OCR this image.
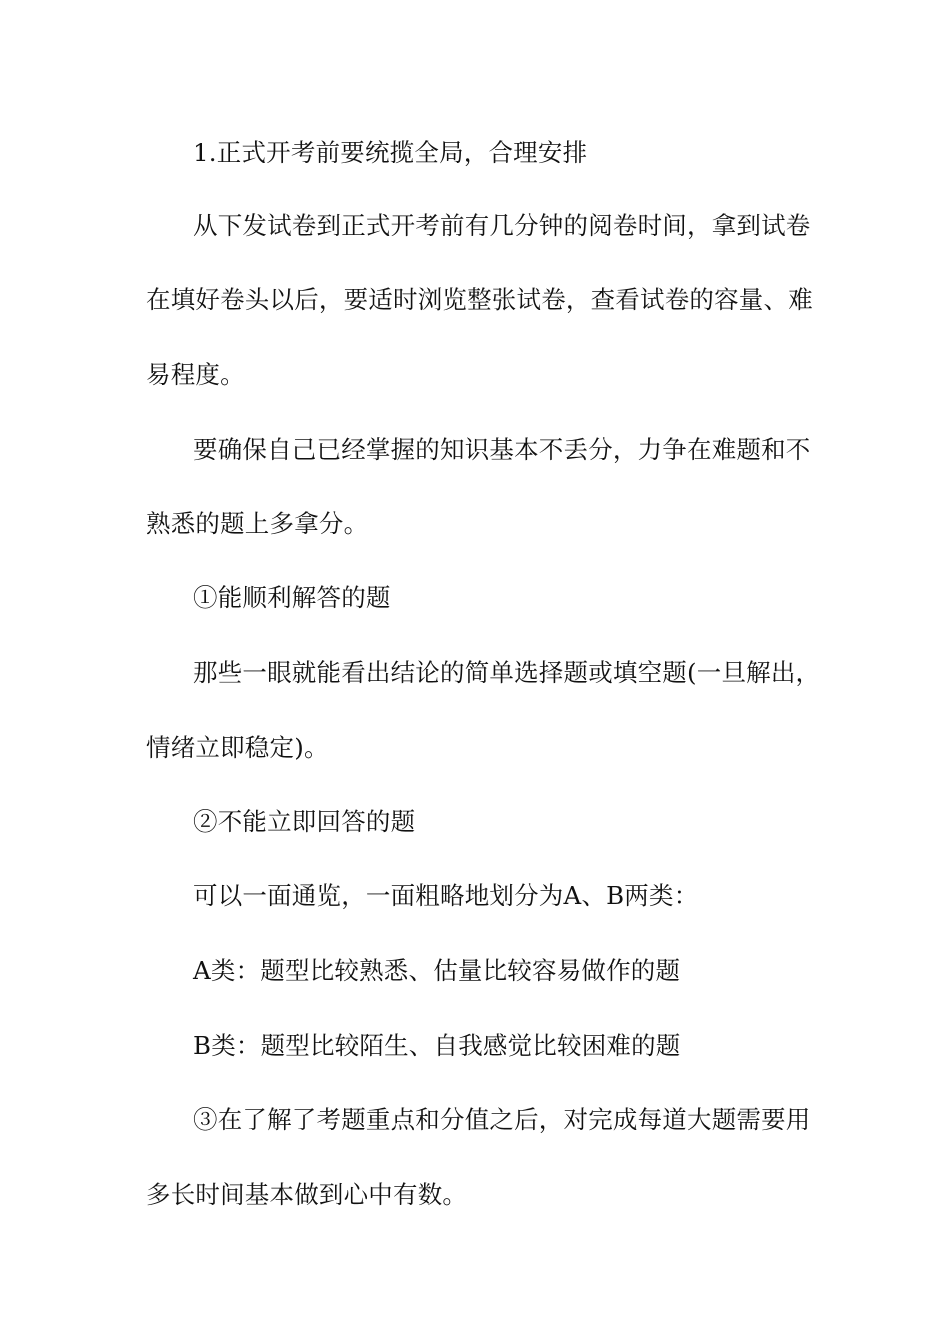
1.正式开考前要统揽全局，合理安排
从下发试卷到正式开考前有几分钟的阅卷时间，拿到试卷
在填好卷头以后，要适时浏览整张试卷，查看试卷的容量、难
易程度。
要确保自己已经掌握的知识基本不丢分，力争在难题和不
熟悉的题上多拿分。
①能顺利解答的题
那些一眼就能看出结论的简单选择题或填空题(一旦解出，
情绪立即稳定)。
②不能立即回答的题
可以一面通览，一面粗略地划分为A、B两类：
A类：题型比较熟悉、估量比较容易做作的题
B类：题型比较陌生、自我感觉比较困难的题
③在了解了考题重点和分值之后，对完成每道大题需要用
多长时间基本做到心中有数。
